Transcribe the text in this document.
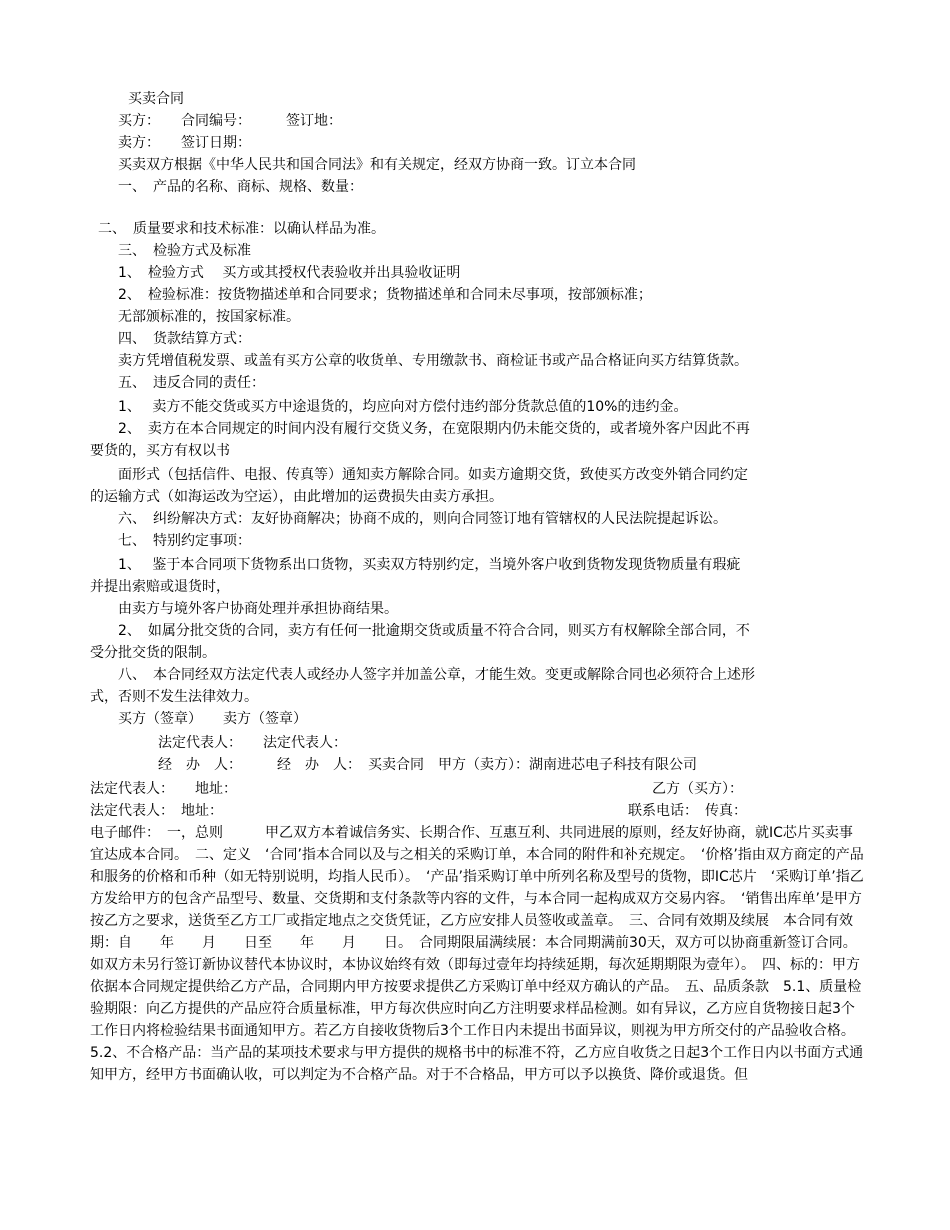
买卖合同
买方：　　合同编号：　　　签订地：
卖方：　　签订日期：
买卖双方根据《中华人民共和国合同法》和有关规定，经双方协商一致。订立本合同
一、　产品的名称、商标、规格、数量：
二、　质量要求和技术标准：以确认样品为准。
三、　检验方式及标准
1、　检验方式　 买方或其授权代表验收并出具验收证明
2、　检验标准：按货物描述单和合同要求；货物描述单和合同未尽事项，按部颁标准；
无部颁标准的，按国家标准。
四、　货款结算方式：
卖方凭增值税发票、或盖有买方公章的收货单、专用缴款书、商检证书或产品合格证向买方结算货款。
五、　违反合同的责任：
1、　 卖方不能交货或买方中途退货的，均应向对方偿付违约部分货款总值的10%的违约金。
2、　卖方在本合同规定的时间内没有履行交货义务，在宽限期内仍未能交货的，或者境外客户因此不再
要货的，买方有权以书
面形式（包括信件、电报、传真等）通知卖方解除合同。如卖方逾期交货，致使买方改变外销合同约定
的运输方式（如海运改为空运），由此增加的运费损失由卖方承担。
六、　纠纷解决方式：友好协商解决；协商不成的，则向合同签订地有管辖权的人民法院提起诉讼。
七、　特别约定事项：
1、　 鉴于本合同项下货物系出口货物，买卖双方特别约定，当境外客户收到货物发现货物质量有瑕疵
并提出索赔或退货时，
由卖方与境外客户协商处理并承担协商结果。
2、　如属分批交货的合同，卖方有任何一批逾期交货或质量不符合合同，则买方有权解除全部合同，不
受分批交货的限制。
八、　本合同经双方法定代表人或经办人签字并加盖公章，才能生效。变更或解除合同也必须符合上述形
式，否则不发生法律效力。
买方（签章）　　卖方（签章）
法定代表人：　　法定代表人：
经　办　人：　　　经　办　人：　买卖合同　甲方（卖方）：湖南进芯电子科技有限公司
法定代表人：　　地址：	乙方（买方）：
法定代表人：　地址：	联系电话：　传真：
电子邮件：　一，总则　　　甲乙双方本着诚信务实、长期合作、互惠互利、共同进展的原则，经友好协商，就IC芯片买卖事宜达成本合同。　二、定义　‘合同’指本合同以及与之相关的采购订单，本合同的附件和补充规定。　‘价格’指由双方商定的产品和服务的价格和币种（如无特别说明，均指人民币）。　‘产品’指采购订单中所列名称及型号的货物，即IC芯片　‘采购订单’指乙方发给甲方的包含产品型号、数量、交货期和支付条款等内容的文件，与本合同一起构成双方交易内容。　‘销售出库单’是甲方按乙方之要求，送货至乙方工厂或指定地点之交货凭证，乙方应安排人员签收或盖章。　三、合同有效期及续展　本合同有效期：自　　年　　月　　日至　　年　　月　　日。　合同期限届满续展：本合同期满前30天，双方可以协商重新签订合同。如双方未另行签订新协议替代本协议时，本协议始终有效（即每过壹年均持续延期，每次延期期限为壹年）。　四、标的：甲方依据本合同规定提供给乙方产品，合同期内甲方按要求提供乙方采购订单中经双方确认的产品。　五、品质条款　5.1、质量检验期限：向乙方提供的产品应符合质量标准，甲方每次供应时向乙方注明要求样品检测。如有异议，乙方应自货物接日起3个工作日内将检验结果书面通知甲方。若乙方自接收货物后3个工作日内未提出书面异议，则视为甲方所交付的产品验收合格。　5.2、不合格产品：当产品的某项技术要求与甲方提供的规格书中的标准不符，乙方应自收货之日起3个工作日内以书面方式通知甲方，经甲方书面确认收，可以判定为不合格产品。对于不合格品，甲方可以予以换货、降价或退货。但
